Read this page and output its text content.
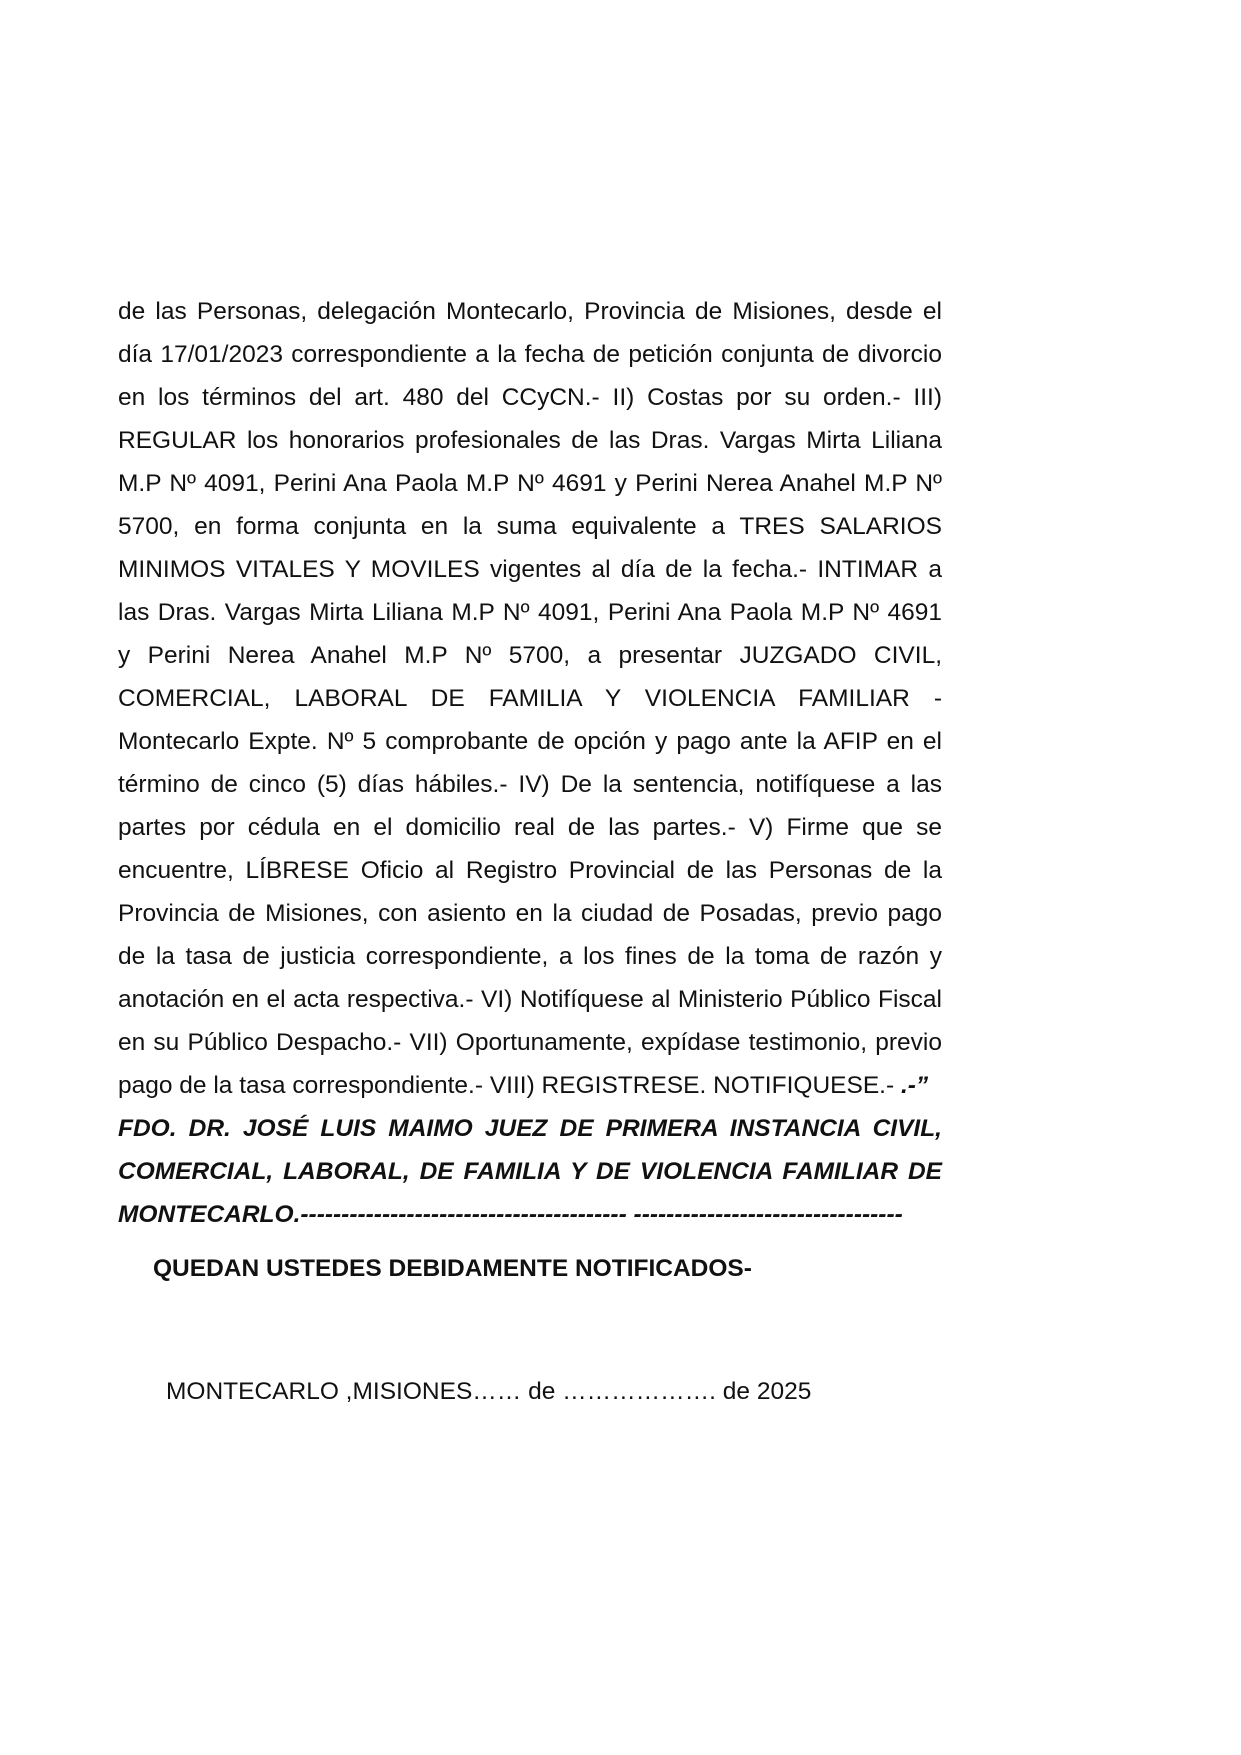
de las Personas, delegación Montecarlo, Provincia de Misiones, desde el
día 17/01/2023 correspondiente a la fecha de petición conjunta de divorcio
en los términos del art. 480 del CCyCN.- II) Costas por su orden.- III)
REGULAR los honorarios profesionales de las Dras. Vargas Mirta Liliana
M.P Nº 4091, Perini Ana Paola M.P Nº 4691 y Perini Nerea Anahel M.P Nº
5700, en forma conjunta en la suma equivalente a TRES SALARIOS
MINIMOS VITALES Y MOVILES vigentes al día de la fecha.- INTIMAR a
las Dras. Vargas Mirta Liliana M.P Nº 4091, Perini Ana Paola M.P Nº 4691
y Perini Nerea Anahel M.P Nº 5700, a presentar JUZGADO CIVIL,
COMERCIAL, LABORAL DE FAMILIA Y VIOLENCIA FAMILIAR -
Montecarlo Expte. Nº 5 comprobante de opción y pago ante la AFIP en el
término de cinco (5) días hábiles.- IV) De la sentencia, notifíquese a las
partes por cédula en el domicilio real de las partes.- V) Firme que se
encuentre, LÍBRESE Oficio al Registro Provincial de las Personas de la
Provincia de Misiones, con asiento en la ciudad de Posadas, previo pago
de la tasa de justicia correspondiente, a los fines de la toma de razón y
anotación en el acta respectiva.- VI) Notifíquese al Ministerio Público Fiscal
en su Público Despacho.- VII) Oportunamente, expídase testimonio, previo
pago de la tasa correspondiente.- VIII) REGISTRESE. NOTIFIQUESE.- .-”
FDO. DR. JOSÉ LUIS MAIMO JUEZ DE PRIMERA INSTANCIA CIVIL,
COMERCIAL, LABORAL, DE FAMILIA Y DE VIOLENCIA FAMILIAR DE
MONTECARLO.---------------------------------------- ---------------------------------

QUEDAN USTEDES DEBIDAMENTE NOTIFICADOS-

MONTECARLO ,MISIONES…… de ………………. de 2025
